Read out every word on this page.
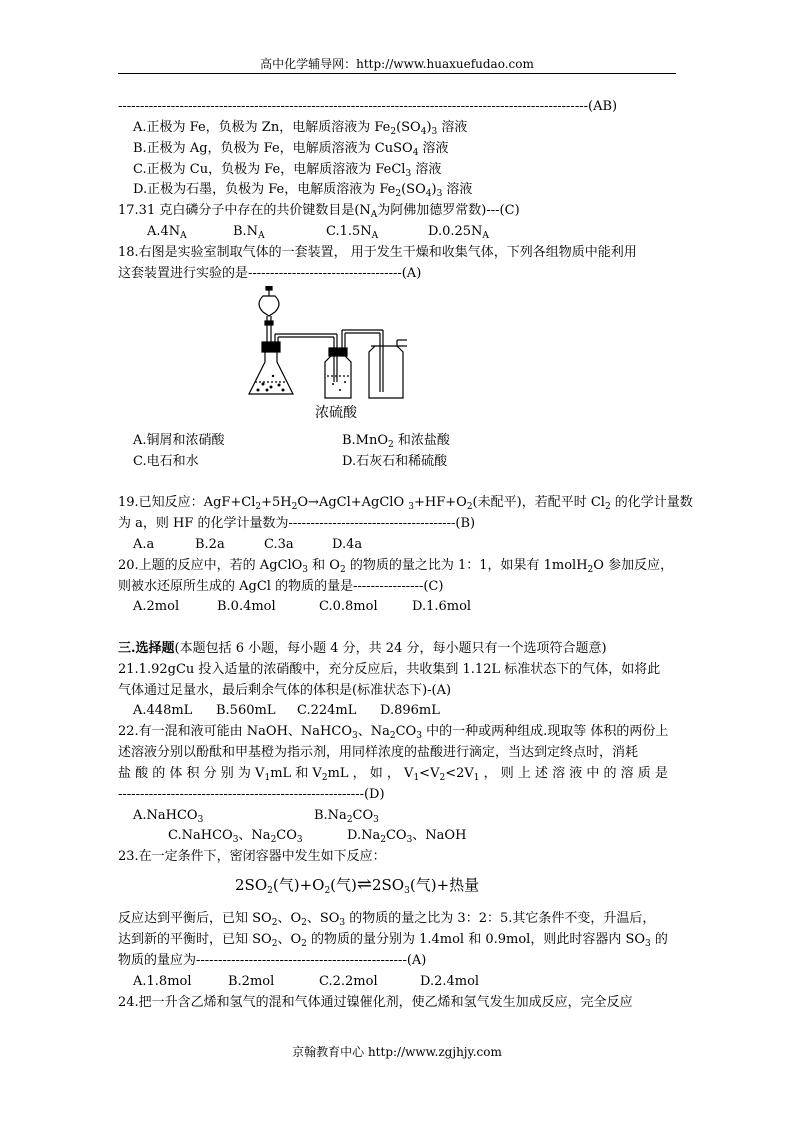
高中化学辅导网：http://www.huaxuefudao.com
-----------------------------------------------------------------------------------------------------------(AB)
A.正极为 Fe，负极为 Zn，电解质溶液为 $Fe_2(SO_4)_3$ 溶液
B.正极为 Ag，负极为 Fe，电解质溶液为 CuSO$_4$ 溶液
C.正极为 Cu，负极为 Fe，电解质溶液为 FeCl$_3$ 溶液
D.正极为石墨，负极为 Fe，电解质溶液为 $Fe_2(SO_4)_3$ 溶液
17.31 克白磷分子中存在的共价键数目是($N_A$为阿佛加德罗常数)---(C)
$A.4N_A$	$B.N_A$	$C.1.5N_A$	$D.0.25N_A$
18.右图是实验室制取气体的一套装置， 用于发生干燥和收集气体，下列各组物质中能利用
这套装置进行实验的是-----------------------------------(A)
浓硫酸
A.铜屑和浓硝酸	B.MnO$_2$ 和浓盐酸
C.电石和水	D.石灰石和稀硫酸
19.已知反应：$AgF+Cl_2+5H_2O\to AgCl+AgClO$ $_3+HF+O_2$(未配平)，若配平时 $Cl_2$ 的化学计量数
为 a，则 HF 的化学计量数为--------------------------------------(B)
A.a	B.2a	C.3a	D.4a
20.上题的反应中，若的 AgClO$_3$ 和 $O_2$ 的物质的量之比为 1：1，如果有 1molH$_2$O 参加反应，
则被水还原所生成的 AgCl 的物质的量是----------------(C)
A.2mol	B.0.4mol	C.0.8mol	D.1.6mol
三.选择题(本题包括 6 小题，每小题 4 分，共 24 分，每小题只有一个选项符合题意)
21.1.92gCu 投入适量的浓硝酸中，充分反应后，共收集到 1.12L 标准状态下的气体，如将此
气体通过足量水，最后剩余气体的体积是(标准状态下)-(A)
A.448mL B.560mL C.224mL D.896mL
22.有一混和液可能由 NaOH、NaHCO$_3$、$Na_2CO_3$ 中的一种或两种组成.现取等 体积的两份上
述溶液分别以酚酞和甲基橙为指示剂，用同样浓度的盐酸进行滴定，当达到定终点时，消耗
盐 酸 的 体 积 分 别 为 $V_1mL$ 和 $V_2mL$ ， 如 ， $V_1<V_2<2V_1$ ， 则 上 述 溶 液 中 的 溶 质 是
--------------------------------------------------------(D)
A.NaHCO$_3$	$B.Na_2CO_3$
C.NaHCO$_3$、$Na_2CO_3$	$D.Na_2CO_3$、NaOH
23.在一定条件下，密闭容器中发生如下反应：
$2SO_2$(气)$+O_2$(气)$\rightleftharpoons 2SO_3$(气)+热量
反应达到平衡后，已知 $SO_2$、$O_2$、$SO_3$ 的物质的量之比为 3：2：5.其它条件不变，升温后，
达到新的平衡时，已知 $SO_2$、$O_2$ 的物质的量分别为 1.4mol 和 0.9mol，则此时容器内 $SO_3$ 的
物质的量应为------------------------------------------------(A)
A.1.8mol	B.2mol	C.2.2mol	D.2.4mol
24.把一升含乙烯和氢气的混和气体通过镍催化剂，使乙烯和氢气发生加成反应，完全反应
京翰教育中心 http://www.zgjhjy.com
